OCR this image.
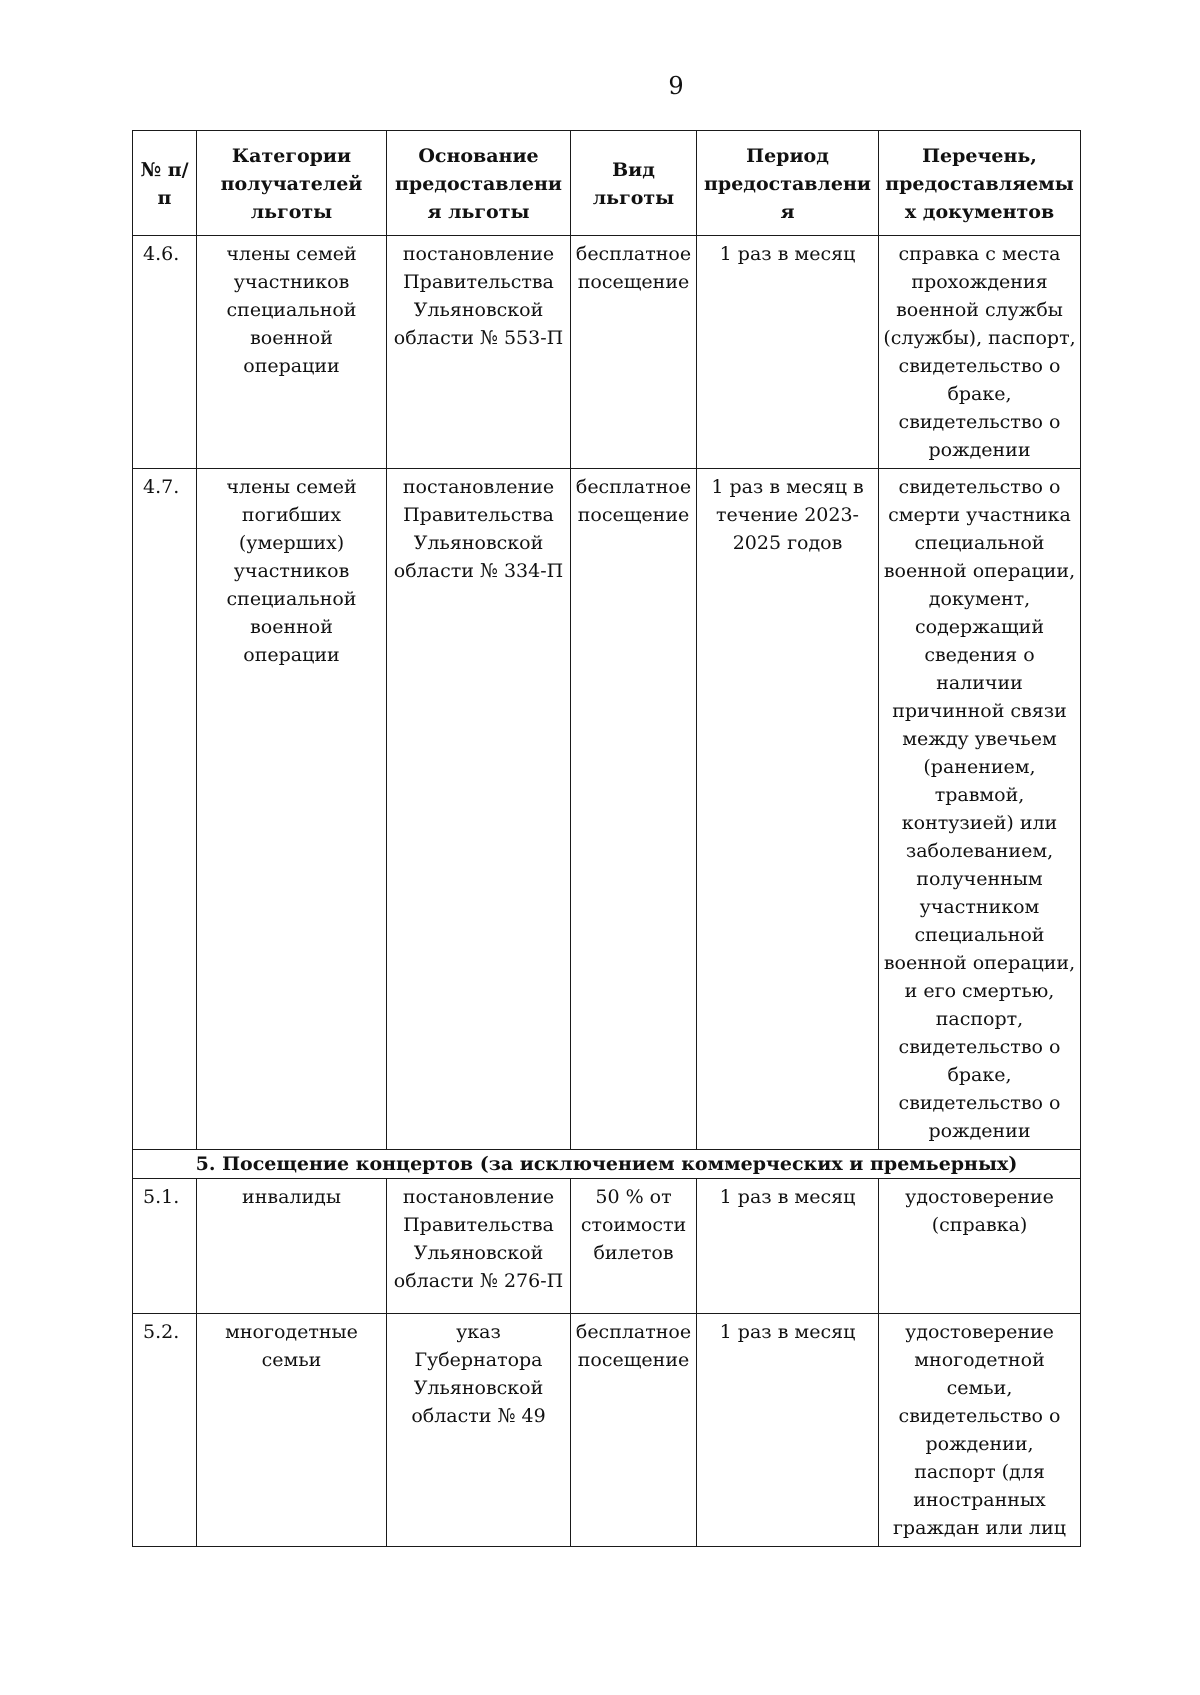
9
№ п/п	Категории получателей льготы	Основание предоставления льготы	Вид льготы	Период предоставления	Перечень, предоставляемых документов
4.6.	члены семей участников специальной военной операции	постановление Правительства Ульяновской области № 553-П	бесплатное посещение	1 раз в месяц	справка с места прохождения военной службы (службы), паспорт, свидетельство о браке, свидетельство о рождении
4.7.	члены семей погибших (умерших) участников специальной военной операции	постановление Правительства Ульяновской области № 334-П	бесплатное посещение	1 раз в месяц в течение 2023-2025 годов	свидетельство о смерти участника специальной военной операции, документ, содержащий сведения о наличии причинной связи между увечьем (ранением, травмой, контузией) или заболеванием, полученным участником специальной военной операции, и его смертью, паспорт, свидетельство о браке, свидетельство о рождении
5. Посещение концертов (за исключением коммерческих и премьерных)					
5.1.	инвалиды	постановление Правительства Ульяновской области № 276-П	50 % от стоимости билетов	1 раз в месяц	удостоверение (справка)
5.2.	многодетные семьи	указ Губернатора Ульяновской области № 49	бесплатное посещение	1 раз в месяц	удостоверение многодетной семьи, свидетельство о рождении, паспорт (для иностранных граждан или лиц
